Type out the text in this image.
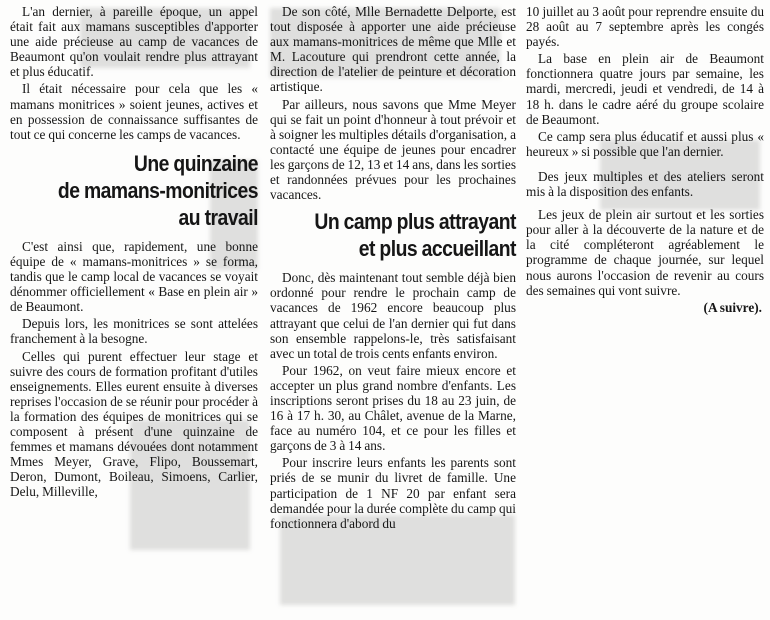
L'an dernier, à pareille époque, un appel était fait aux mamans susceptibles d'apporter une aide précieuse au camp de vacances de Beaumont qu'on voulait rendre plus attrayant et plus éducatif.

Il était nécessaire pour cela que les « mamans monitrices » soient jeunes, actives et en possession de connaissance suffisantes de tout ce qui concerne les camps de vacances.

Une quinzaine
de mamans-monitrices
au travail

C'est ainsi que, rapidement, une bonne équipe de « mamans-monitrices » se forma, tandis que le camp local de vacances se voyait dénommer officiellement « Base en plein air » de Beaumont.

Depuis lors, les monitrices se sont attelées franchement à la besogne.

Celles qui purent effectuer leur stage et suivre des cours de formation profitant d'utiles enseignements. Elles eurent ensuite à diverses reprises l'occasion de se réunir pour procéder à la formation des équipes de monitrices qui se composent à présent d'une quinzaine de femmes et mamans dévouées dont notamment Mmes Meyer, Grave, Flipo, Boussemart, Deron, Dumont, Boileau, Simoens, Carlier, Delu, Milleville,

De son côté, Mlle Bernadette Delporte, est tout disposée à apporter une aide précieuse aux mamans-monitrices de même que Mlle et M. Lacouture qui prendront cette année, la direction de l'atelier de peinture et décoration artistique.

Par ailleurs, nous savons que Mme Meyer qui se fait un point d'honneur à tout prévoir et à soigner les multiples détails d'organisation, a contacté une équipe de jeunes pour encadrer les garçons de 12, 13 et 14 ans, dans les sorties et randonnées prévues pour les prochaines vacances.

Un camp plus attrayant
et plus accueillant

Donc, dès maintenant tout semble déjà bien ordonné pour rendre le prochain camp de vacances de 1962 encore beaucoup plus attrayant que celui de l'an dernier qui fut dans son ensemble rappelons-le, très satisfaisant avec un total de trois cents enfants environ.

Pour 1962, on veut faire mieux encore et accepter un plus grand nombre d'enfants. Les inscriptions seront prises du 18 au 23 juin, de 16 à 17 h. 30, au Châlet, avenue de la Marne, face au numéro 104, et ce pour les filles et garçons de 3 à 14 ans.

Pour inscrire leurs enfants les parents sont priés de se munir du livret de famille. Une participation de 1 NF 20 par enfant sera demandée pour la durée complète du camp qui fonctionnera d'abord du

10 juillet au 3 août pour reprendre ensuite du 28 août au 7 septembre après les congés payés.

La base en plein air de Beaumont fonctionnera quatre jours par semaine, les mardi, mercredi, jeudi et vendredi, de 14 à 18 h. dans le cadre aéré du groupe scolaire de Beaumont.

Ce camp sera plus éducatif et aussi plus « heureux » si possible que l'an dernier.

Des jeux multiples et des ateliers seront mis à la disposition des enfants.

Les jeux de plein air surtout et les sorties pour aller à la découverte de la nature et de la cité compléteront agréablement le programme de chaque journée, sur lequel nous aurons l'occasion de revenir au cours des semaines qui vont suivre.

(A suivre).
